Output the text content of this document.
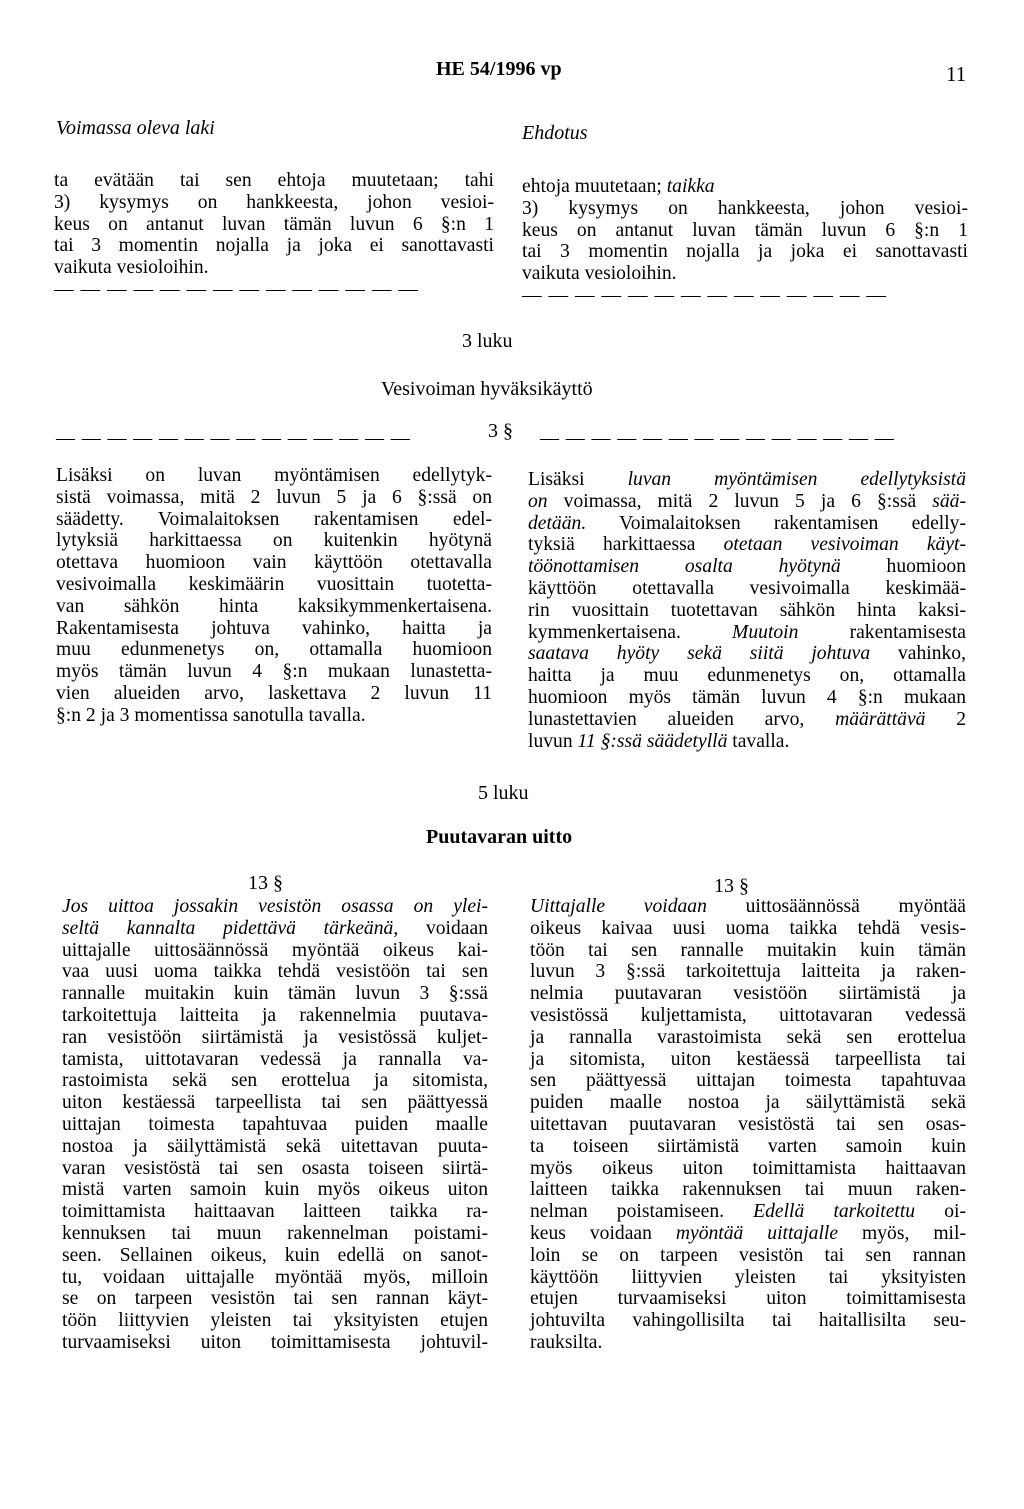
HE 54/1996 vp	11
Voimassa oleva laki	Ehdotus
ta evätään tai sen ehtoja muutetaan; tahi
3) kysymys on hankkeesta, johon vesioi-
keus on antanut luvan tämän luvun 6 §:n 1
tai 3 momentin nojalla ja joka ei sanottavasti
vaikuta vesioloihin.
— — — — — — — — — — — — — —
ehtoja muutetaan; taikka
3) kysymys on hankkeesta, johon vesioi-
keus on antanut luvan tämän luvun 6 §:n 1
tai 3 momentin nojalla ja joka ei sanottavasti
vaikuta vesioloihin.
— — — — — — — — — — — — — —
3 luku
Vesivoiman hyväksikäyttö
— — — — — — — — — — — — — —	3 § — — — — — — — — — — — — — —
Lisäksi on luvan myöntämisen edellytyk-
sistä voimassa, mitä 2 luvun 5 ja 6 §:ssä on
säädetty. Voimalaitoksen rakentamisen edel-
lytyksiä harkittaessa on kuitenkin hyötynä
otettava huomioon vain käyttöön otettavalla
vesivoimalla keskimäärin vuosittain tuotetta-
van sähkön hinta kaksikymmenkertaisena.
Rakentamisesta johtuva vahinko, haitta ja
muu edunmenetys on, ottamalla huomioon
myös tämän luvun 4 §:n mukaan lunastetta-
vien alueiden arvo, laskettava 2 luvun 11
§:n 2 ja 3 momentissa sanotulla tavalla.
Lisäksi luvan myöntämisen edellytyksistä
on voimassa, mitä 2 luvun 5 ja 6 §:ssä sää-
detään. Voimalaitoksen rakentamisen edelly-
tyksiä harkittaessa otetaan vesivoiman käyt-
töönottamisen osalta hyötynä huomioon
käyttöön otettavalla vesivoimalla keskimää-
rin vuosittain tuotettavan sähkön hinta kaksi-
kymmenkertaisena. Muutoin rakentamisesta
saatava hyöty sekä siitä johtuva vahinko,
haitta ja muu edunmenetys on, ottamalla
huomioon myös tämän luvun 4 §:n mukaan
lunastettavien alueiden arvo, määrättävä 2
luvun 11 §:ssä säädetyllä tavalla.
5 luku
Puutavaran uitto
13 §	13 §
Jos uittoa jossakin vesistön osassa on ylei-
seltä kannalta pidettävä tärkeänä, voidaan
uittajalle uittosäännössä myöntää oikeus kai-
vaa uusi uoma taikka tehdä vesistöön tai sen
rannalle muitakin kuin tämän luvun 3 §:ssä
tarkoitettuja laitteita ja rakennelmia puutava-
ran vesistöön siirtämistä ja vesistössä kuljet-
tamista, uittotavaran vedessä ja rannalla va-
rastoimista sekä sen erottelua ja sitomista,
uiton kestäessä tarpeellista tai sen päättyessä
uittajan toimesta tapahtuvaa puiden maalle
nostoa ja säilyttämistä sekä uitettavan puuta-
varan vesistöstä tai sen osasta toiseen siirtä-
mistä varten samoin kuin myös oikeus uiton
toimittamista haittaavan laitteen taikka ra-
kennuksen tai muun rakennelman poistami-
seen. Sellainen oikeus, kuin edellä on sanot-
tu, voidaan uittajalle myöntää myös, milloin
se on tarpeen vesistön tai sen rannan käyt-
töön liittyvien yleisten tai yksityisten etujen
turvaamiseksi uiton toimittamisesta johtuvil-
Uittajalle voidaan uittosäännössä myöntää
oikeus kaivaa uusi uoma taikka tehdä vesis-
töön tai sen rannalle muitakin kuin tämän
luvun 3 §:ssä tarkoitettuja laitteita ja raken-
nelmia puutavaran vesistöön siirtämistä ja
vesistössä kuljettamista, uittotavaran vedessä
ja rannalla varastoimista sekä sen erottelua
ja sitomista, uiton kestäessä tarpeellista tai
sen päättyessä uittajan toimesta tapahtuvaa
puiden maalle nostoa ja säilyttämistä sekä
uitettavan puutavaran vesistöstä tai sen osas-
ta toiseen siirtämistä varten samoin kuin
myös oikeus uiton toimittamista haittaavan
laitteen taikka rakennuksen tai muun raken-
nelman poistamiseen. Edellä tarkoitettu oi-
keus voidaan myöntää uittajalle myös, mil-
loin se on tarpeen vesistön tai sen rannan
käyttöön liittyvien yleisten tai yksityisten
etujen turvaamiseksi uiton toimittamisesta
johtuvilta vahingollisilta tai haitallisilta seu-
rauksilta.
